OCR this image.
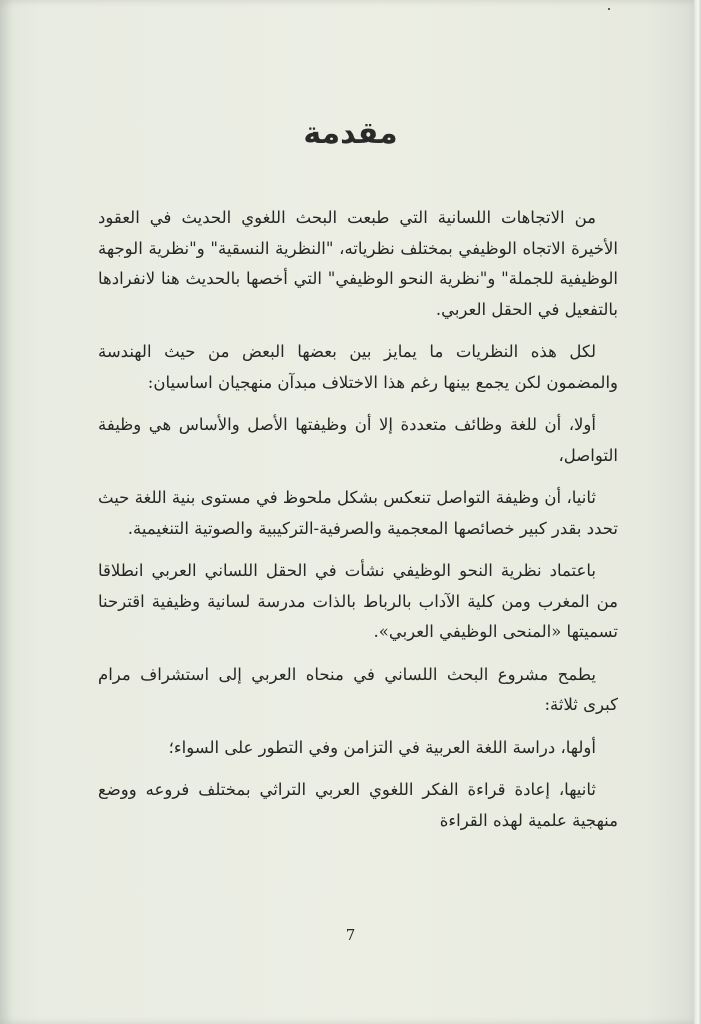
مقدمة

من الاتجاهات اللسانية التي طبعت البحث اللغوي الحديث في العقود الأخيرة الاتجاه الوظيفي بمختلف نظرياته، "النظرية النسقية" و"نظرية الوجهة الوظيفية للجملة" و"نظرية النحو الوظيفي" التي أخصها بالحديث هنا لانفرادها بالتفعيل في الحقل العربي.

لكل هذه النظريات ما يمايز بين بعضها البعض من حيث الهندسة والمضمون لكن يجمع بينها رغم هذا الاختلاف مبدآن منهجيان اساسيان:

أولا، أن للغة وظائف متعددة إلا أن وظيفتها الأصل والأساس هي وظيفة التواصل،

ثانيا، أن وظيفة التواصل تنعكس بشكل ملحوظ في مستوى بنية اللغة حيث تحدد بقدر كبير خصائصها المعجمية والصرفية-التركيبية والصوتية التنغيمية.

باعتماد نظرية النحو الوظيفي نشأت في الحقل اللساني العربي انطلاقا من المغرب ومن كلية الآداب بالرباط بالذات مدرسة لسانية وظيفية اقترحنا تسميتها «المنحى الوظيفي العربي».

يطمح مشروع البحث اللساني في منحاه العربي إلى استشراف مرام كبرى ثلاثة:

أولها، دراسة اللغة العربية في التزامن وفي التطور على السواء؛

ثانيها، إعادة قراءة الفكر اللغوي العربي التراثي بمختلف فروعه ووضع منهجية علمية لهذه القراءة

7
